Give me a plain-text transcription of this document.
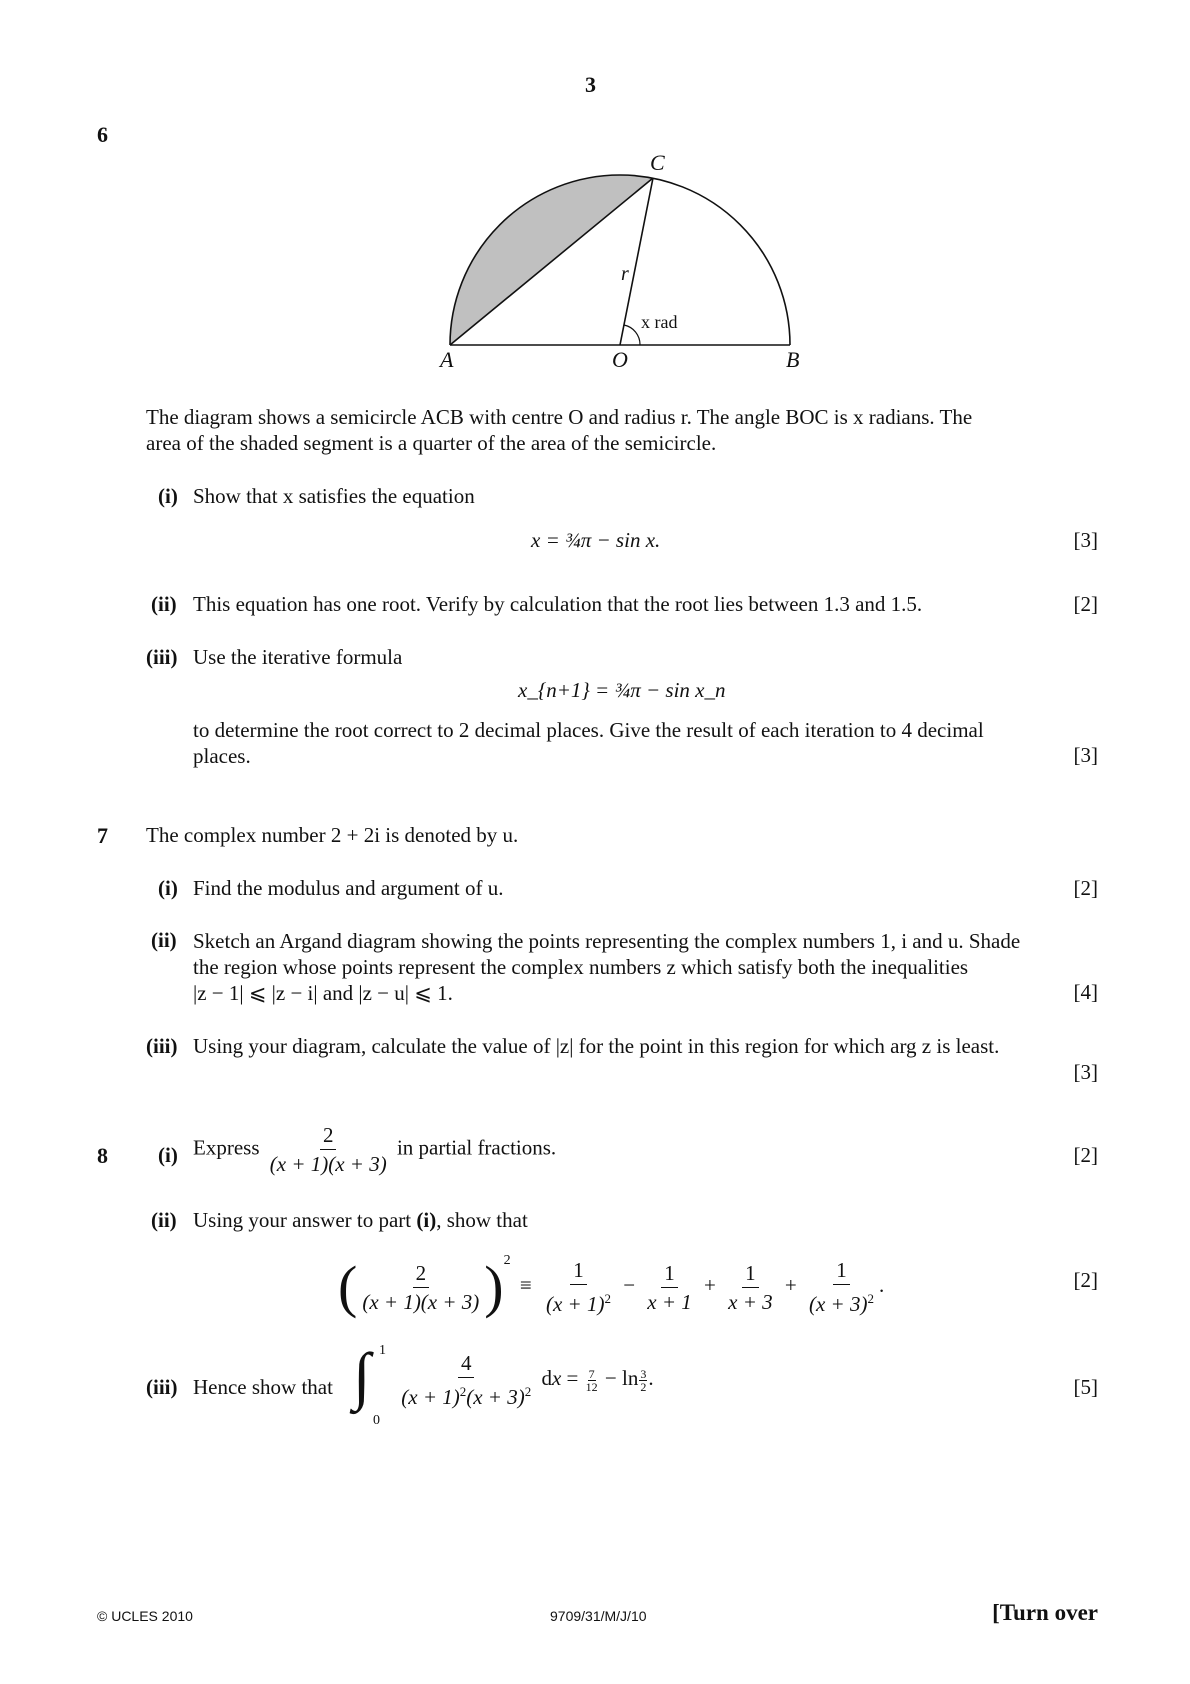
3
6
C
A	O	B
r
x rad
The diagram shows a semicircle ACB with centre O and radius r. The angle BOC is x radians. The
area of the shaded segment is a quarter of the area of the semicircle.
(i) Show that x satisfies the equation
x = ¾π − sin x.	[3]
(ii) This equation has one root. Verify by calculation that the root lies between 1.3 and 1.5.	[2]
(iii) Use the iterative formula
x_{n+1} = ¾π − sin x_n
to determine the root correct to 2 decimal places. Give the result of each iteration to 4 decimal
places.	[3]
7 The complex number 2 + 2i is denoted by u.
(i) Find the modulus and argument of u.	[2]
(ii) Sketch an Argand diagram showing the points representing the complex numbers 1, i and u. Shade
the region whose points represent the complex numbers z which satisfy both the inequalities
|z − 1| ⩽ |z − i| and |z − u| ⩽ 1.	[4]
(iii) Using your diagram, calculate the value of |z| for the point in this region for which arg z is least.
[3]
8 (i) Express $\frac{2}{(x + 1)(x + 3)}$ in partial fractions.	[2]
(ii) Using your answer to part (i), show that
( $\frac{2}{(x + 1)(x + 3)} )^2 \equiv \frac{1}{(x + 1)^2} - \frac{1}{x + 1} + \frac{1}{x + 3} + \frac{1}{(x + 3)^2}$ .	[2]
(iii) Hence show that ∫ 1
0

$\frac{4}{(x + 1)^2(x + 3)^2}$ dx = $\frac{7}{12} - \ln \frac{3}{2}$ .	[5]
© UCLES 2010	9709/31/M/J/10	[Turn over
